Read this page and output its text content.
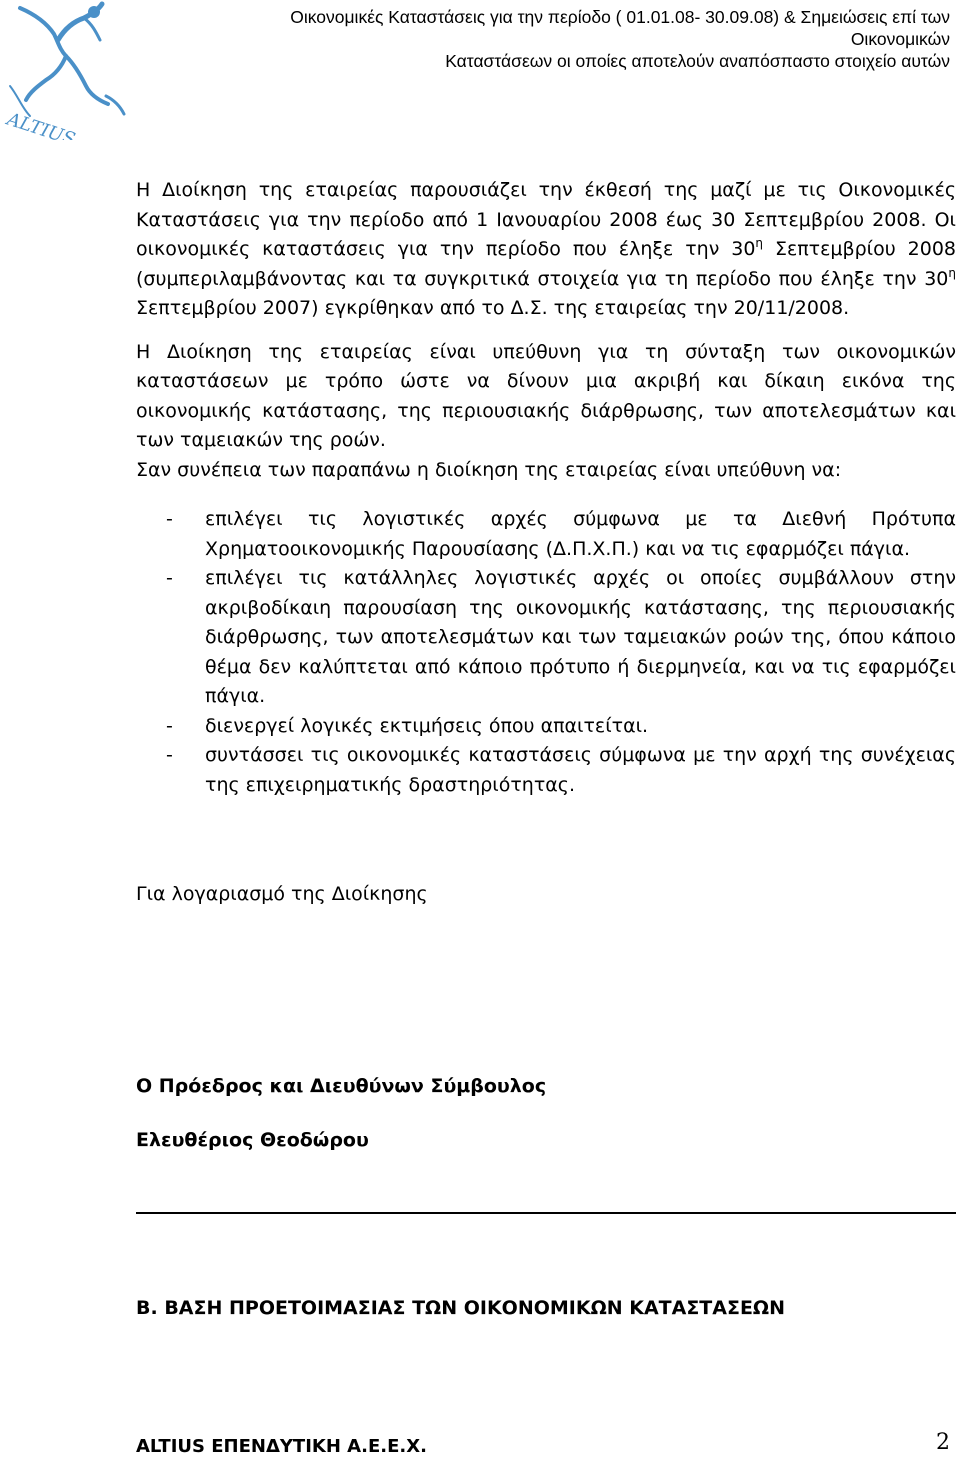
ALTIUS
Οικονομικές Καταστάσεις για την περίοδο ( 01.01.08- 30.09.08) & Σημειώσεις επί των Οικονομικών
Καταστάσεων οι οποίες αποτελούν αναπόσπαστο στοιχείο αυτών

Η Διοίκηση της εταιρείας παρουσιάζει την έκθεσή της μαζί με τις Οικονομικές Καταστάσεις για την περίοδο από 1 Ιανουαρίου 2008 έως 30 Σεπτεμβρίου 2008. Οι οικονομικές καταστάσεις για την περίοδο που έληξε την $30^\eta$ Σεπτεμβρίου 2008 (συμπεριλαμβάνοντας και τα συγκριτικά στοιχεία για τη περίοδο που έληξε την $30^\eta$ Σεπτεμβρίου 2007) εγκρίθηκαν από το Δ.Σ. της εταιρείας την 20/11/2008.

Η Διοίκηση της εταιρείας είναι υπεύθυνη για τη σύνταξη των οικονομικών καταστάσεων με τρόπο ώστε να δίνουν μια ακριβή και δίκαιη εικόνα της οικονομικής κατάστασης, της περιουσιακής διάρθρωσης, των αποτελεσμάτων και των ταμειακών της ροών.

Σαν συνέπεια των παραπάνω η διοίκηση της εταιρείας είναι υπεύθυνη να:

- επιλέγει τις λογιστικές αρχές σύμφωνα με τα Διεθνή Πρότυπα Χρηματοοικονομικής Παρουσίασης (Δ.Π.Χ.Π.) και να τις εφαρμόζει πάγια.
- επιλέγει τις κατάλληλες λογιστικές αρχές οι οποίες συμβάλλουν στην ακριβοδίκαιη παρουσίαση της οικονομικής κατάστασης, της περιουσιακής διάρθρωσης, των αποτελεσμάτων και των ταμειακών ροών της, όπου κάποιο θέμα δεν καλύπτεται από κάποιο πρότυπο ή διερμηνεία, και να τις εφαρμόζει πάγια.
- διενεργεί λογικές εκτιμήσεις όπου απαιτείται.
- συντάσσει τις οικονομικές καταστάσεις σύμφωνα με την αρχή της συνέχειας της επιχειρηματικής δραστηριότητας.
Για λογαριασμό της Διοίκησης
Ο Πρόεδρος και Διευθύνων Σύμβουλος
Ελευθέριος Θεοδώρου
Β. ΒΑΣΗ ΠΡΟΕΤΟΙΜΑΣΙΑΣ ΤΩΝ ΟΙΚΟΝΟΜΙΚΩΝ ΚΑΤΑΣΤΑΣΕΩΝ
ALTIUS ΕΠΕΝΔΥΤΙΚΗ Α.Ε.Ε.Χ.	2
